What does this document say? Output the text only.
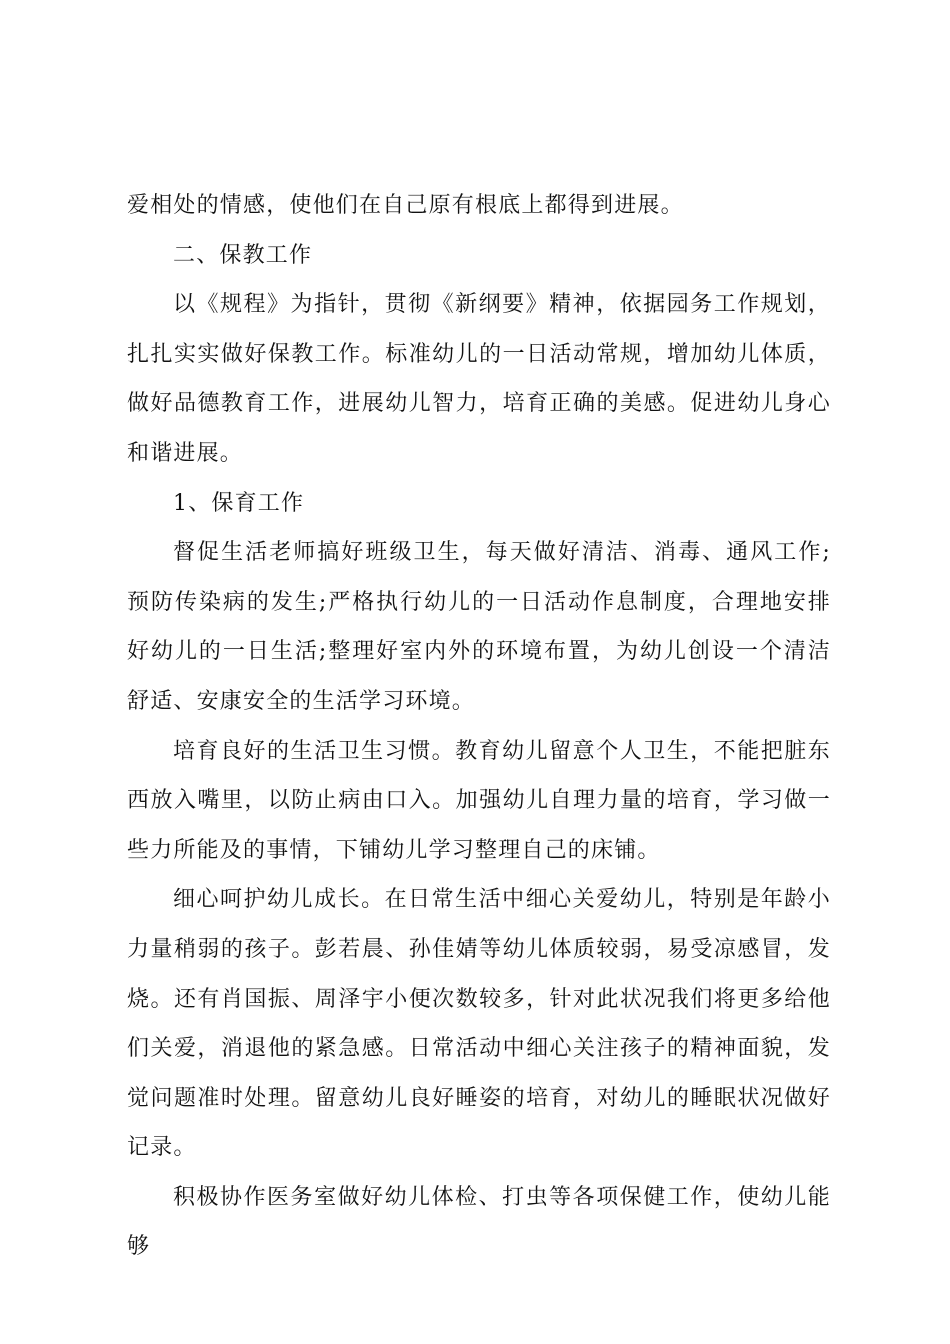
爱相处的情感，使他们在自己原有根底上都得到进展。

二、保教工作

以《规程》为指针，贯彻《新纲要》精神，依据园务工作规划，扎扎实实做好保教工作。标准幼儿的一日活动常规，增加幼儿体质，做好品德教育工作，进展幼儿智力，培育正确的美感。促进幼儿身心和谐进展。

1、保育工作

督促生活老师搞好班级卫生，每天做好清洁、消毒、通风工作;预防传染病的发生;严格执行幼儿的一日活动作息制度，合理地安排好幼儿的一日生活;整理好室内外的环境布置，为幼儿创设一个清洁舒适、安康安全的生活学习环境。

培育良好的生活卫生习惯。教育幼儿留意个人卫生，不能把脏东西放入嘴里，以防止病由口入。加强幼儿自理力量的培育，学习做一些力所能及的事情，下铺幼儿学习整理自己的床铺。

细心呵护幼儿成长。在日常生活中细心关爱幼儿，特别是年龄小力量稍弱的孩子。彭若晨、孙佳婧等幼儿体质较弱，易受凉感冒，发烧。还有肖国振、周泽宇小便次数较多，针对此状况我们将更多给他们关爱，消退他的紧急感。日常活动中细心关注孩子的精神面貌，发觉问题准时处理。留意幼儿良好睡姿的培育，对幼儿的睡眠状况做好记录。

积极协作医务室做好幼儿体检、打虫等各项保健工作，使幼儿能够
